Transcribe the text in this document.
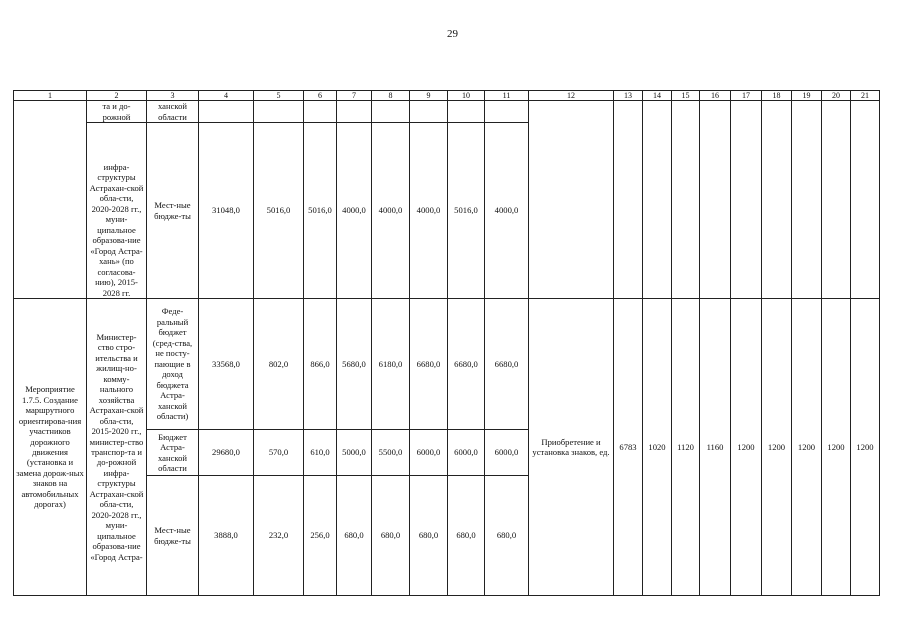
29
1	2	3	4	5	6	7	8	9	10	11	12	13	14	15	16	17	18	19	20	21
	та и до-рожной	ханской области																		
	инфра-структуры Астрахан-ской обла-сти, 2020-2028 гг., муни-ципальное образова-ние «Город Астра-хань» (по согласова-нию), 2015-2028 гг.	Мест-ные бюдже-ты	31048,0	5016,0	5016,0	4000,0	4000,0	4000,0	5016,0	4000,0										
Мероприятие 1.7.5. Создание маршрутного ориентирова-ния участников дорожного движения (установка и замена дорож-ных знаков на автомобильных дорогах)	Министер-ство стро-ительства и жилищ-но-комму-нального хозяйства Астрахан-ской обла-сти, 2015-2020 гг., министер-ство транспор-та и до-рожной инфра-структуры Астрахан-ской обла-сти, 2020-2028 гг., муни-ципальное образова-ние «Город Астра-	Феде-ральный бюджет (сред-ства, не посту-пающие в доход бюджета Астра-ханской области)	33568,0	802,0	866,0	5680,0	6180,0	6680,0	6680,0	6680,0	Приобретение и установка знаков, ед.	6783	1020	1120	1160	1200	1200	1200	1200	1200
		Бюджет Астра-ханской области	29680,0	570,0	610,0	5000,0	5500,0	6000,0	6000,0	6000,0										
		Мест-ные бюдже-ты	3888,0	232,0	256,0	680,0	680,0	680,0	680,0	680,0										
